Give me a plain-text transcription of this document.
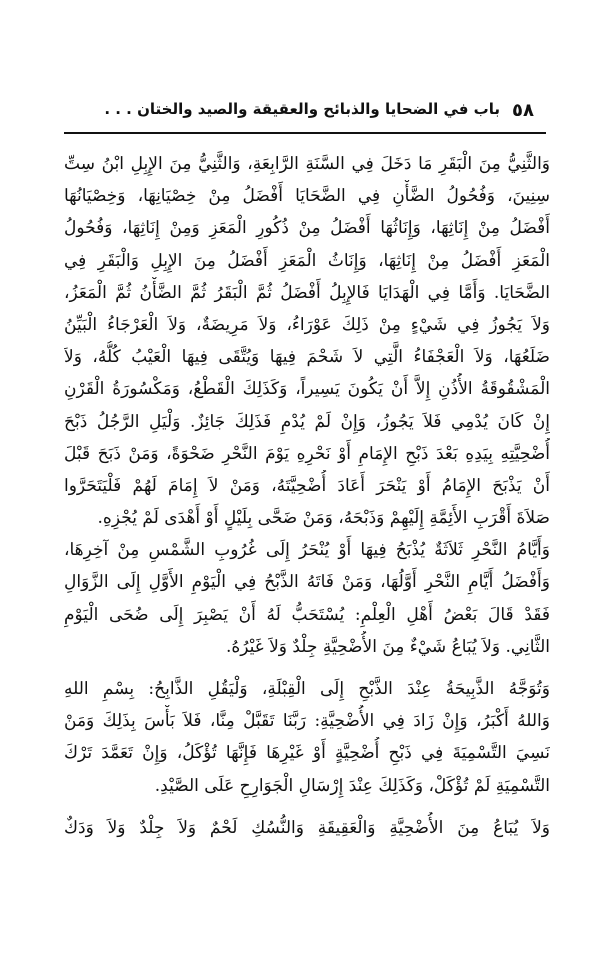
٥٨
باب في الضحايا والذبائح والعقيقة والصيد والختان . . .
وَالثَّنِيُّ مِنَ الْبَقَرِ مَا دَخَلَ فِي السَّنَةِ الرَّابِعَةِ، وَالثَّنِيُّ مِنَ الإِبِلِ ابْنُ سِتِّ
سِنِينَ، وَفُحُولُ الضَّأْنِ فِي الضَّحَايَا أَفْضَلُ مِنْ خِصْيَانِهَا، وَخِصْيَانُهَا
أَفْضَلُ مِنْ إِنَاثِهَا، وَإِنَاثُهَا أَفْضَلُ مِنْ ذُكُورِ الْمَعَزِ وَمِنْ إِنَاثِهَا، وَفُحُولُ
الْمَعَزِ أَفْضَلُ مِنْ إِنَاثِهَا، وَإِنَاثُ الْمَعَزِ أَفْضَلُ مِنَ الإِبِلِ وَالْبَقَرِ فِي
الضَّحَايَا. وَأَمَّا فِي الْهَدَايَا فَالإِبِلُ أَفْضَلُ ثُمَّ الْبَقَرُ ثُمَّ الضَّأْنُ ثُمَّ الْمَعَزُ،
وَلاَ يَجُوزُ فِي شَيْءٍ مِنْ ذَلِكَ عَوْرَاءُ، وَلاَ مَرِيضَةٌ، وَلاَ الْعَرْجَاءُ الْبَيِّنُ
ضَلَعُهَا، وَلاَ الْعَجْفَاءُ الَّتِي لاَ شَحْمَ فِيهَا وَيُتَّقَى فِيهَا الْعَيْبُ كُلُّهُ، وَلاَ
الْمَشْقُوقَةُ الأُذُنِ إِلاَّ أَنْ يَكُونَ يَسِيراً، وَكَذَلِكَ الْقَطْعُ، وَمَكْسُورَةُ الْقَرْنِ
إِنْ كَانَ يُدْمِي فَلاَ يَجُوزُ، وَإِنْ لَمْ يُدْمِ فَذَلِكَ جَائِزٌ. وَلْيَلِ الرَّجُلُ ذَبْحَ
أُضْحِيَّتِهِ بِيَدِهِ بَعْدَ ذَبْحِ الإِمَامِ أَوْ نَحْرِهِ يَوْمَ النَّحْرِ ضَحْوَةً، وَمَنْ ذَبَحَ قَبْلَ
أَنْ يَذْبَحَ الإِمَامُ أَوْ يَنْحَرَ أَعَادَ أُضْحِيَّتَهُ، وَمَنْ لاَ إِمَامَ لَهُمْ فَلْيَتَحَرَّوا
صَلاَةَ أَقْرَبِ الأَئِمَّةِ إِلَيْهِمْ وَذَبْحَهُ، وَمَنْ ضَحَّى بِلَيْلٍ أَوْ أَهْدَى لَمْ يُجْزِهِ.
وَأَيَّامُ النَّحْرِ ثَلاَثَةٌ يُذْبَحُ فِيهَا أَوْ يُنْحَرُ إِلَى غُرُوبِ الشَّمْسِ مِنْ آخِرِهَا،
وَأَفْضَلُ أَيَّامِ النَّحْرِ أَوَّلُهَا، وَمَنْ فَاتَهُ الذَّبْحُ فِي الْيَوْمِ الأَوَّلِ إِلَى الزَّوَالِ
فَقَدْ قَالَ بَعْضُ أَهْلِ الْعِلْمِ: يُسْتَحَبُّ لَهُ أَنْ يَصْبِرَ إِلَى ضُحَى الْيَوْمِ
الثَّانِي. وَلاَ يُبَاعُ شَيْءٌ مِنَ الأُضْحِيَّةِ جِلْدٌ وَلاَ غَيْرُهُ.
وَتُوَجَّهُ الذَّبِيحَةُ عِنْدَ الذَّبْحِ إِلَى الْقِبْلَةِ، وَلْيَقُلِ الذَّابِحُ: بِسْمِ اللهِ
وَاللهُ أَكْبَرُ، وَإِنْ زَادَ فِي الأُضْحِيَّةِ: رَبَّنَا تَقَبَّلْ مِنَّا، فَلاَ بَأْسَ بِذَلِكَ وَمَنْ
نَسِيَ التَّسْمِيَةَ فِي ذَبْحِ أُضْحِيَّةٍ أَوْ غَيْرِهَا فَإِنَّهَا تُؤْكَلُ، وَإِنْ تَعَمَّدَ تَرْكَ
التَّسْمِيَةِ لَمْ تُؤْكَلْ، وَكَذَلِكَ عِنْدَ إِرْسَالِ الْجَوَارِحِ عَلَى الصَّيْدِ.
وَلاَ يُبَاعُ مِنَ الأُضْحِيَّةِ وَالْعَقِيقَةِ وَالنُّسُكِ لَحْمٌ وَلاَ جِلْدٌ وَلاَ وَدَكٌ
